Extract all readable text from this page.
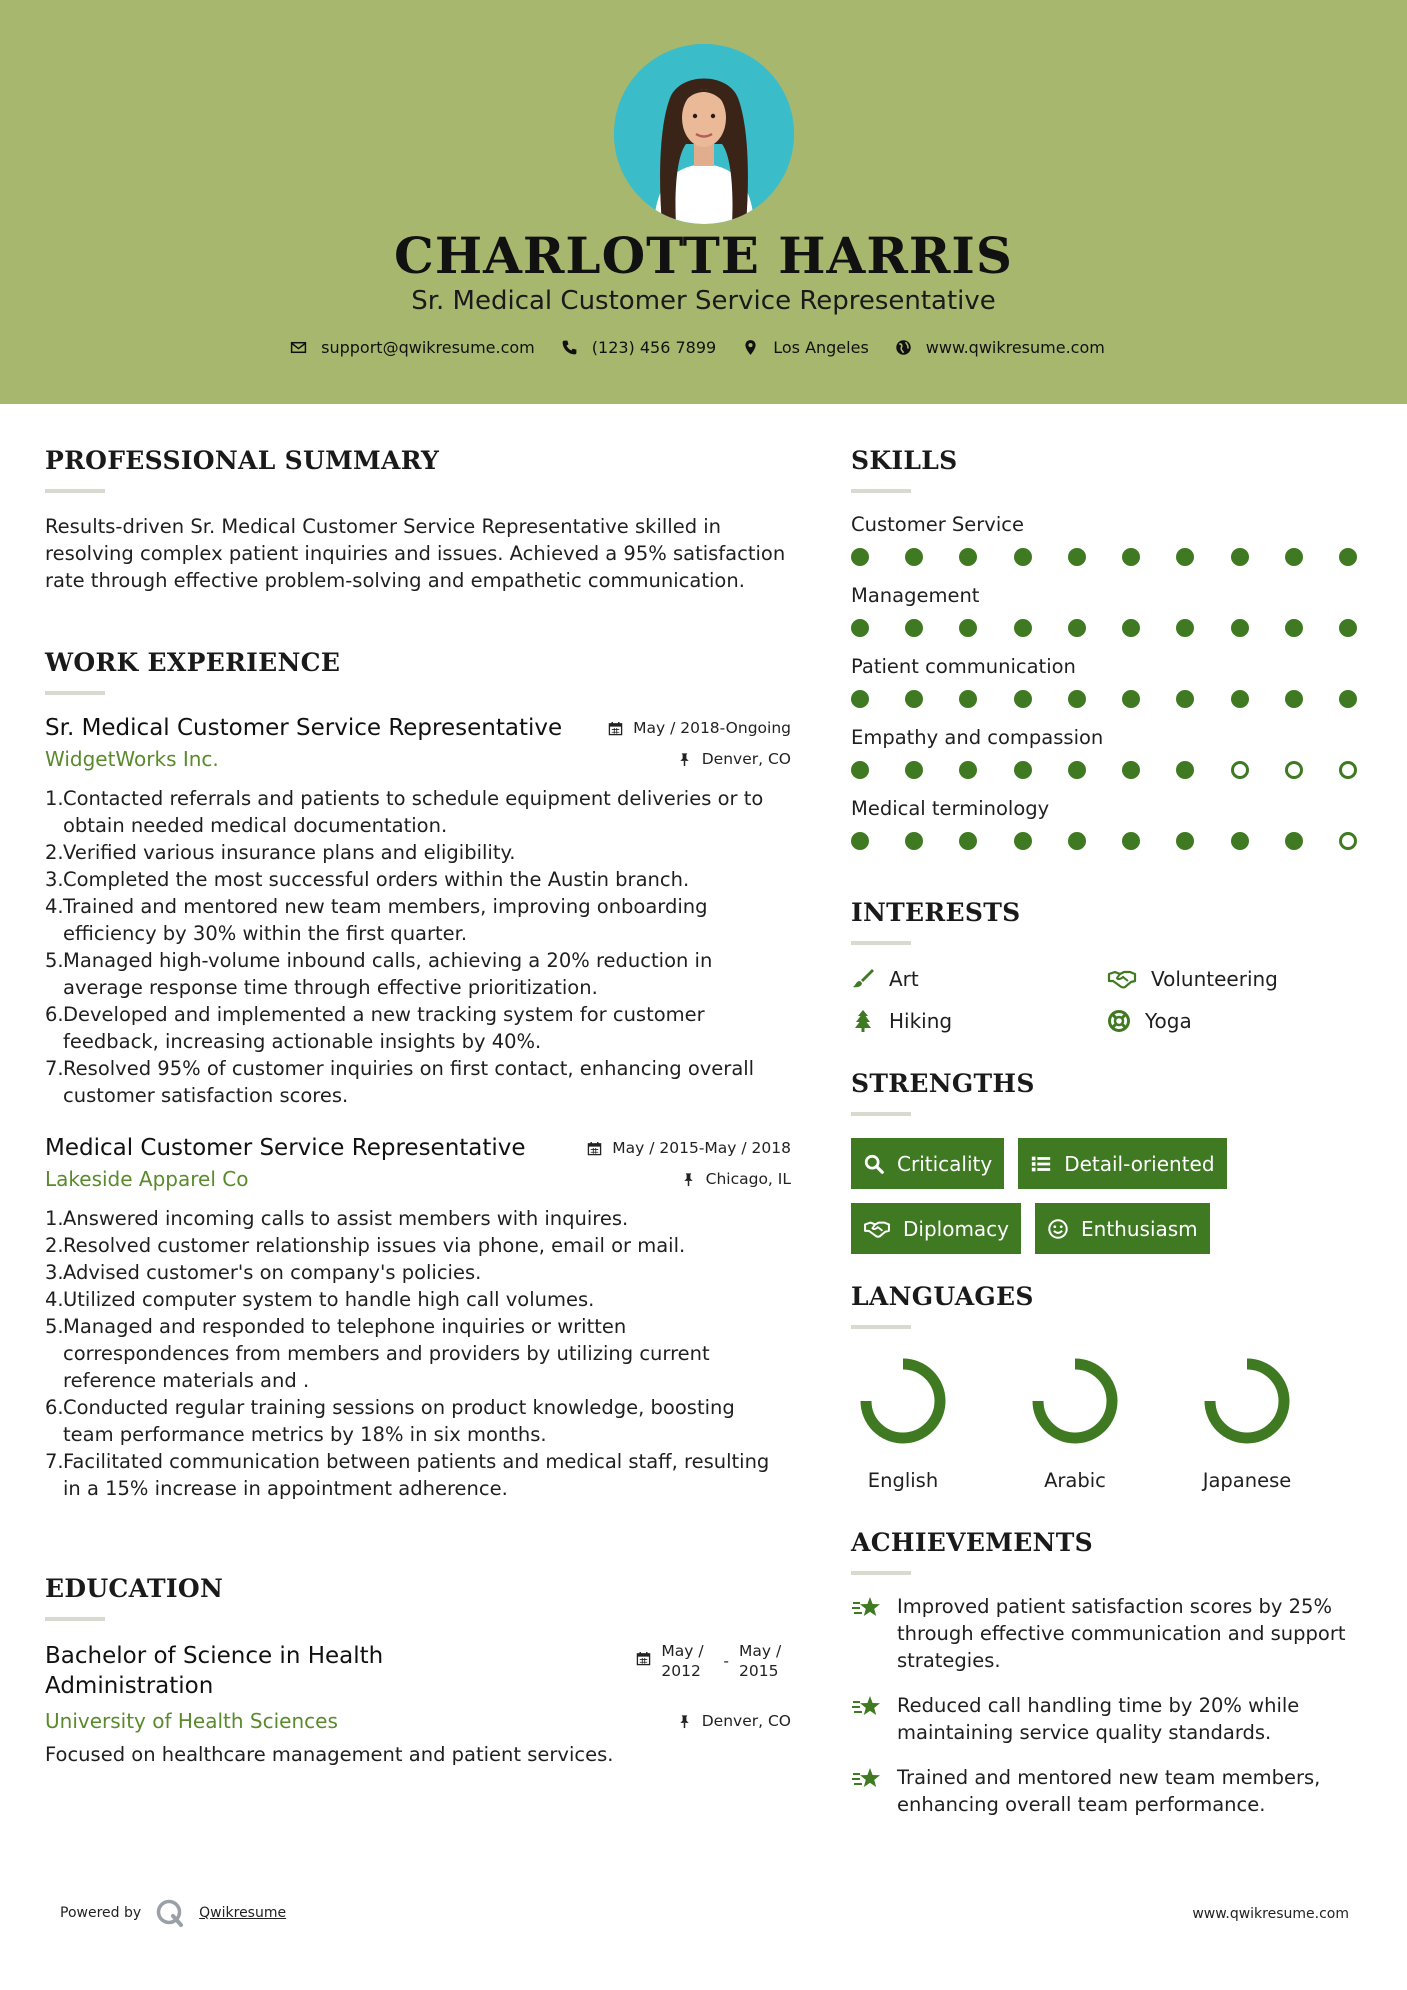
CHARLOTTE HARRIS
Sr. Medical Customer Service Representative
support@qwikresume.com	(123) 456 7899	Los Angeles	www.qwikresume.com
PROFESSIONAL SUMMARY
Results-driven Sr. Medical Customer Service Representative skilled in resolving complex patient inquiries and issues. Achieved a 95% satisfaction rate through effective problem-solving and empathetic communication.
WORK EXPERIENCE
Sr. Medical Customer Service Representative	May / 2018-Ongoing
WidgetWorks Inc.	Denver, CO
1. Contacted referrals and patients to schedule equipment deliveries or to obtain needed medical documentation.
2. Verified various insurance plans and eligibility.
3. Completed the most successful orders within the Austin branch.
4. Trained and mentored new team members, improving onboarding efficiency by 30% within the first quarter.
5. Managed high-volume inbound calls, achieving a 20% reduction in average response time through effective prioritization.
6. Developed and implemented a new tracking system for customer feedback, increasing actionable insights by 40%.
7. Resolved 95% of customer inquiries on first contact, enhancing overall customer satisfaction scores.
Medical Customer Service Representative	May / 2015-May / 2018
Lakeside Apparel Co	Chicago, IL
1. Answered incoming calls to assist members with inquires.
2. Resolved customer relationship issues via phone, email or mail.
3. Advised customer's on company's policies.
4. Utilized computer system to handle high call volumes.
5. Managed and responded to telephone inquiries or written correspondences from members and providers by utilizing current reference materials and .
6. Conducted regular training sessions on product knowledge, boosting team performance metrics by 18% in six months.
7. Facilitated communication between patients and medical staff, resulting in a 15% increase in appointment adherence.
EDUCATION
Bachelor of Science in Health Administration
May /
2012
-
May /
2015
University of Health Sciences	Denver, CO
Focused on healthcare management and patient services.
SKILLS
Customer Service
Management
Patient communication
Empathy and compassion
Medical terminology
INTERESTS
Art	Volunteering
Hiking	Yoga
STRENGTHS
Criticality	Detail-oriented
Diplomacy	Enthusiasm
LANGUAGES
English	Arabic	Japanese
ACHIEVEMENTS
Improved patient satisfaction scores by 25% through effective communication and support strategies.
Reduced call handling time by 20% while maintaining service quality standards.
Trained and mentored new team members, enhancing overall team performance.
Powered by	Qwikresume	www.qwikresume.com
